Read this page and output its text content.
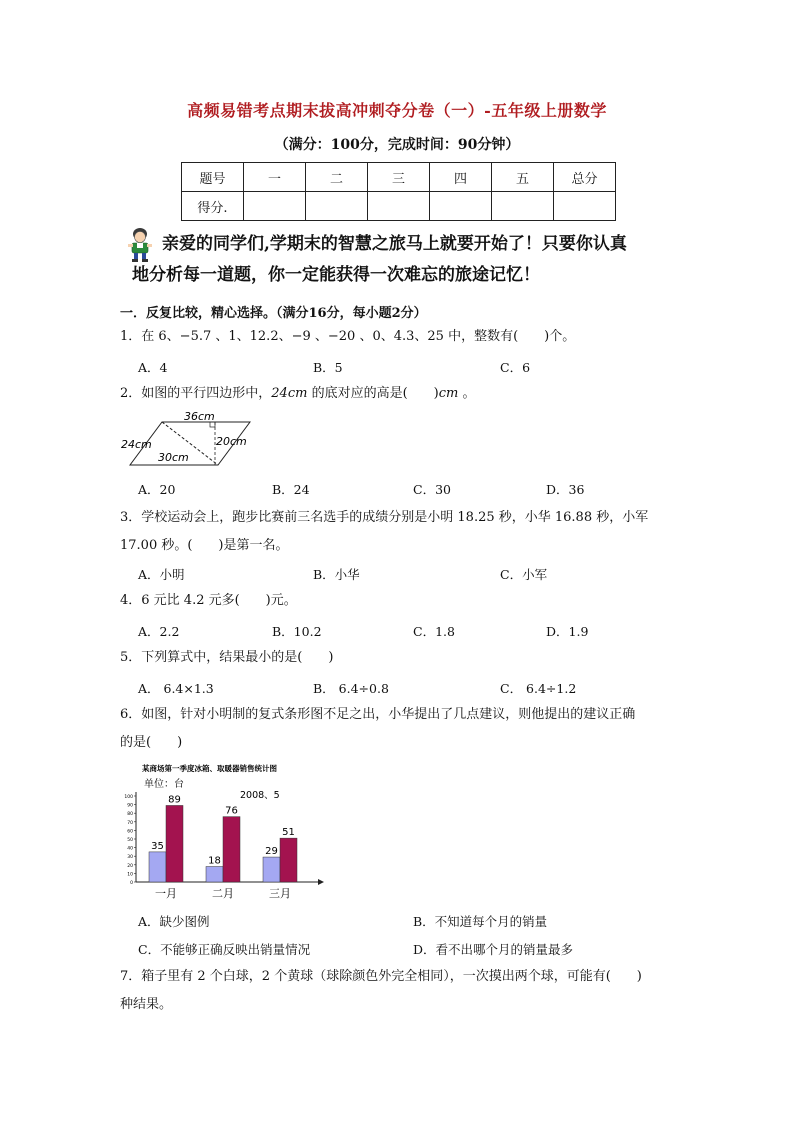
高频易错考点期末拔高冲刺夺分卷（一）-五年级上册数学
（满分：100分，完成时间：90分钟）
题号	一	二	三	四	五	总分
得分.						
亲爱的同学们,学期末的智慧之旅马上就要开始了！只要你认真
地分析每一道题，你一定能获得一次难忘的旅途记忆！
一．反复比较，精心选择。（满分16分，每小题2分）
1．在 6、−5.7 、1、12.2、−9 、−20 、0、4.3、25 中，整数有(　　)个。
A．4	B．5	C．6
2．如图的平行四边形中，24cm 的底对应的高是(　　)cm 。
36cm
24cm	20cm
30cm
A．20	B．24	C．30	D．36
3．学校运动会上，跑步比赛前三名选手的成绩分别是小明 18.25 秒，小华 16.88 秒，小军
17.00 秒。(　　)是第一名。
A．小明	B．小华	C．小军
4．6 元比 4.2 元多(　　)元。
A．2.2	B．10.2	C．1.8	D．1.9
5．下列算式中，结果最小的是(　　)
A． 6.4×1.3	B． 6.4÷0.8	C． 6.4÷1.2
6．如图，针对小明制的复式条形图不足之出，小华提出了几点建议，则他提出的建议正确
的是(　　)
某商场第一季度冰箱、取暖器销售统计图
单位：台
2008、5
0
10
20
30
40
50
60
70
80
90
100
35
89
一月
18
76
二月
29
51
三月
A．缺少图例	B．不知道每个月的销量
C．不能够正确反映出销量情况	D．看不出哪个月的销量最多
7．箱子里有 2 个白球，2 个黄球（球除颜色外完全相同），一次摸出两个球，可能有(　　)
种结果。
